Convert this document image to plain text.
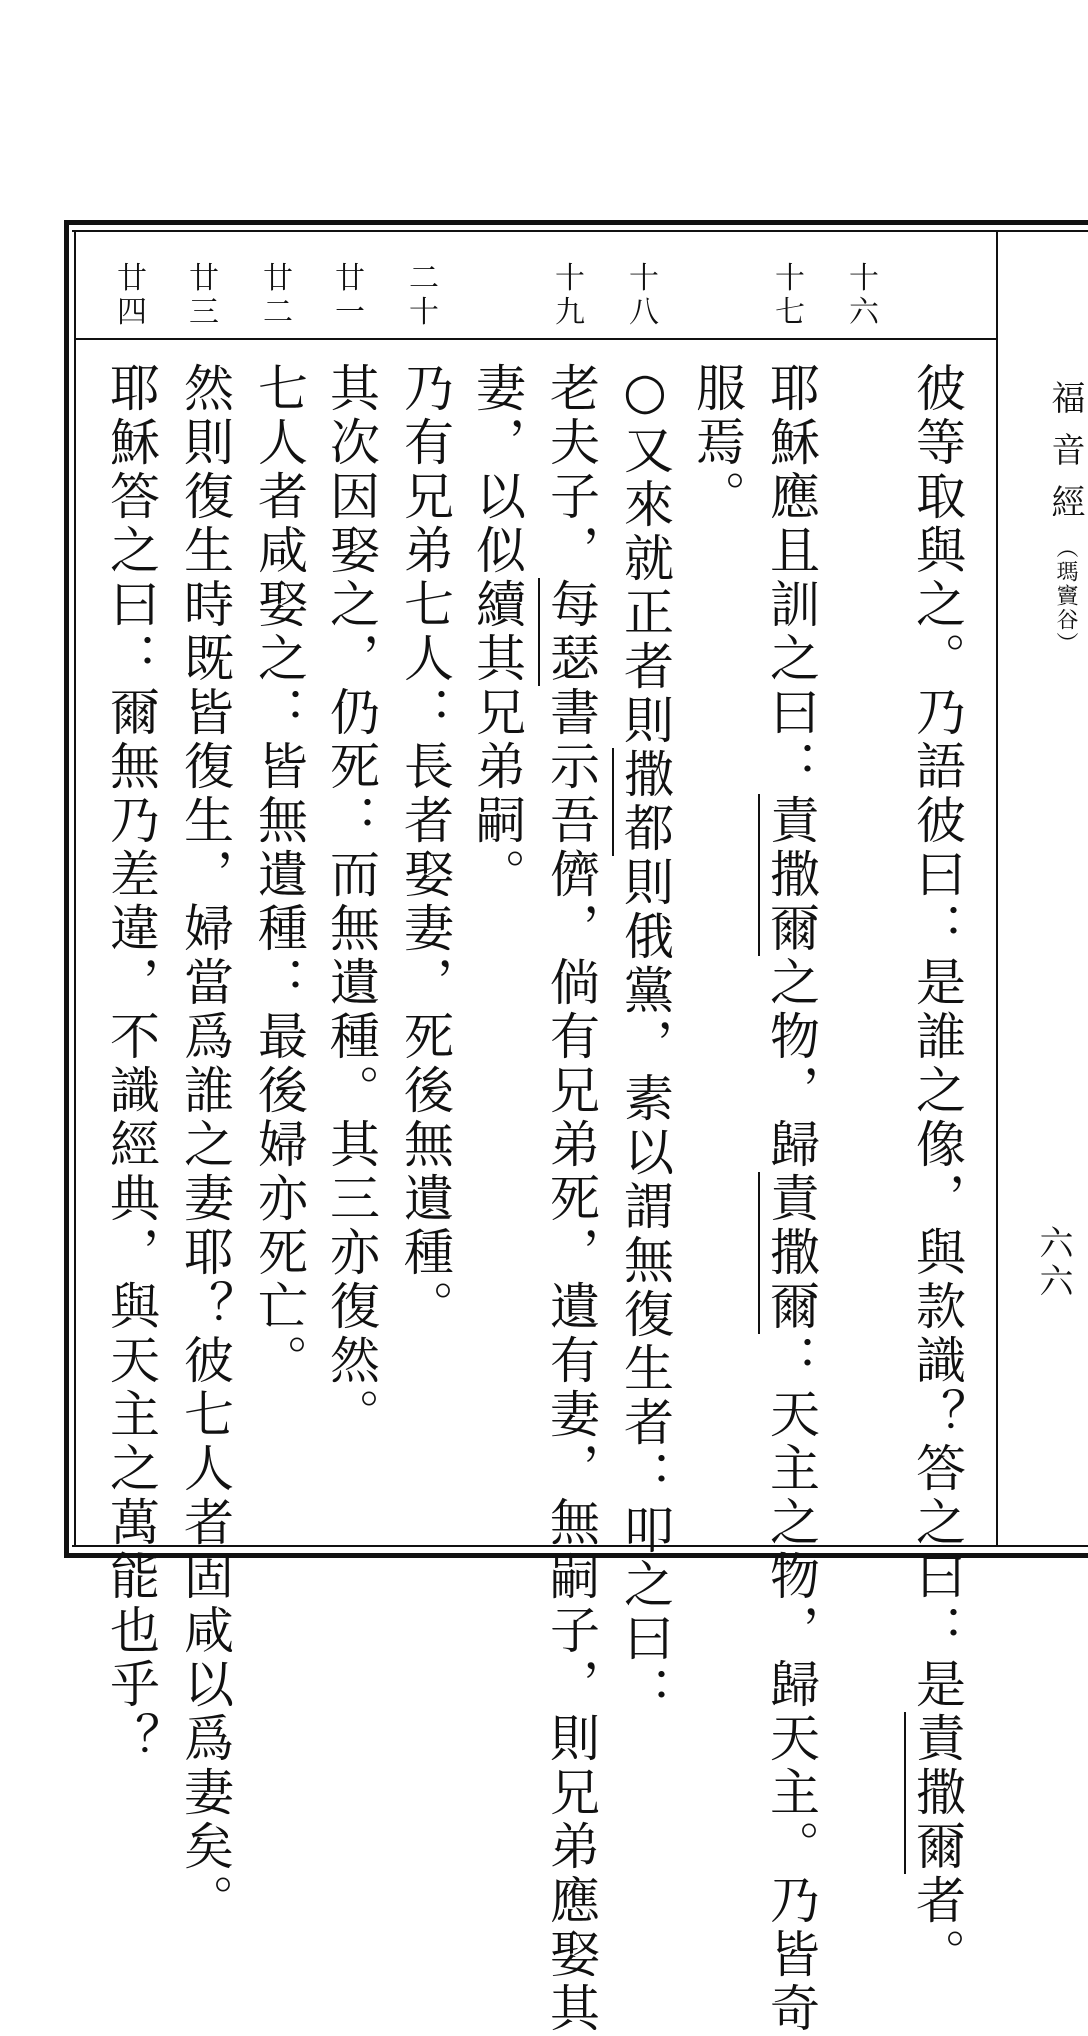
福音經（瑪竇谷）
六六
十
六
十
七
十
八
十
九
二
十
廿
一
廿
二
廿
三
廿
四
彼等取與之。乃語彼曰：是誰之像，與款識？答之曰：是責撒爾者。
耶穌應且訓之曰：責撒爾之物，歸責撒爾：天主之物，歸天主。乃皆奇
服焉。
○又來就正者則撒都則俄黨，素以謂無復生者：叩之曰：
老夫子，每瑟書示吾儕，倘有兄弟死，遺有妻，無嗣子，則兄弟應娶其
妻，以似續其兄弟嗣。
乃有兄弟七人：長者娶妻，死後無遺種。
其次因娶之，仍死：而無遺種。其三亦復然。
七人者咸娶之：皆無遺種：最後婦亦死亡。
然則復生時既皆復生，婦當爲誰之妻耶？彼七人者固咸以爲妻矣。
耶穌答之曰：爾無乃差違，不識經典，與天主之萬能也乎？
